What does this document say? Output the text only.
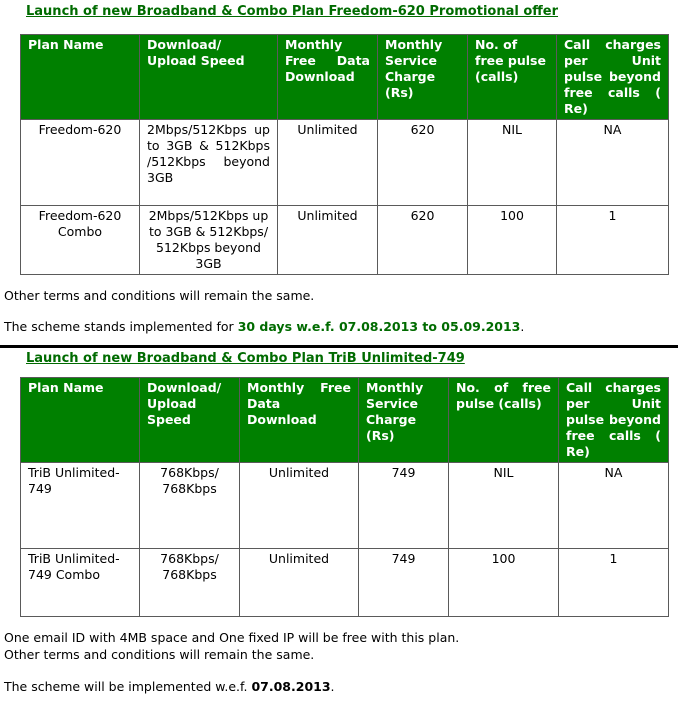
Launch of new Broadband & Combo Plan Freedom-620 Promotional offer

Plan Name	Download/ Upload Speed	Monthly Free Data Download	Monthly Service Charge (Rs)	No. of free pulse (calls)	Call charges per Unit pulse beyond free calls ( Re)
Freedom-620	2Mbps/512Kbps up to 3GB & 512Kbps /512Kbps beyond 3GB	Unlimited	620	NIL	NA
Freedom-620 Combo	2Mbps/512Kbps up to 3GB & 512Kbps/ 512Kbps beyond 3GB	Unlimited	620	100	1

Other terms and conditions will remain the same.

The scheme stands implemented for 30 days w.e.f. 07.08.2013 to 05.09.2013.

Launch of new Broadband & Combo Plan TriB Unlimited-749

Plan Name	Download/ Upload Speed	Monthly Free Data Download	Monthly Service Charge (Rs)	No. of free pulse (calls)	Call charges per Unit pulse beyond free calls ( Re)
TriB Unlimited- 749	768Kbps/ 768Kbps	Unlimited	749	NIL	NA
TriB Unlimited-749 Combo	768Kbps/ 768Kbps	Unlimited	749	100	1

One email ID with 4MB space and One fixed IP will be free with this plan.

Other terms and conditions will remain the same.

The scheme will be implemented w.e.f. 07.08.2013.
